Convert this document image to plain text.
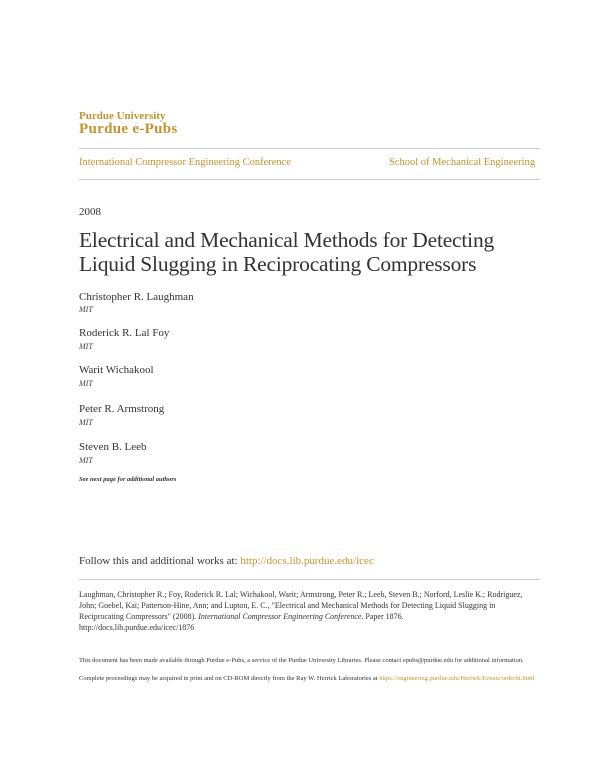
Purdue University
Purdue e-Pubs
International Compressor Engineering Conference	School of Mechanical Engineering
2008
Electrical and Mechanical Methods for Detecting
Liquid Slugging in Reciprocating Compressors
Christopher R. Laughman
MIT
Roderick R. Lal Foy
MIT
Warit Wichakool
MIT
Peter R. Armstrong
MIT
Steven B. Leeb
MIT
See next page for additional authors
Follow this and additional works at: http://docs.lib.purdue.edu/icec
Laughman, Christopher R.; Foy, Roderick R. Lal; Wichakool, Warit; Armstrong, Peter R.; Leeb, Steven B.; Norford, Leslie K.; Rodriguez, John; Goebel, Kai; Patterson-Hine, Ann; and Lupton, E. C., "Electrical and Mechanical Methods for Detecting Liquid Slugging in Reciprocating Compressors" (2008). International Compressor Engineering Conference. Paper 1876.
http://docs.lib.purdue.edu/icec/1876
This document has been made available through Purdue e-Pubs, a service of the Purdue University Libraries. Please contact epubs@purdue.edu for additional information.
Complete proceedings may be acquired in print and on CD-ROM directly from the Ray W. Herrick Laboratories at https://engineering.purdue.edu/Herrick/Events/orderlit.html
